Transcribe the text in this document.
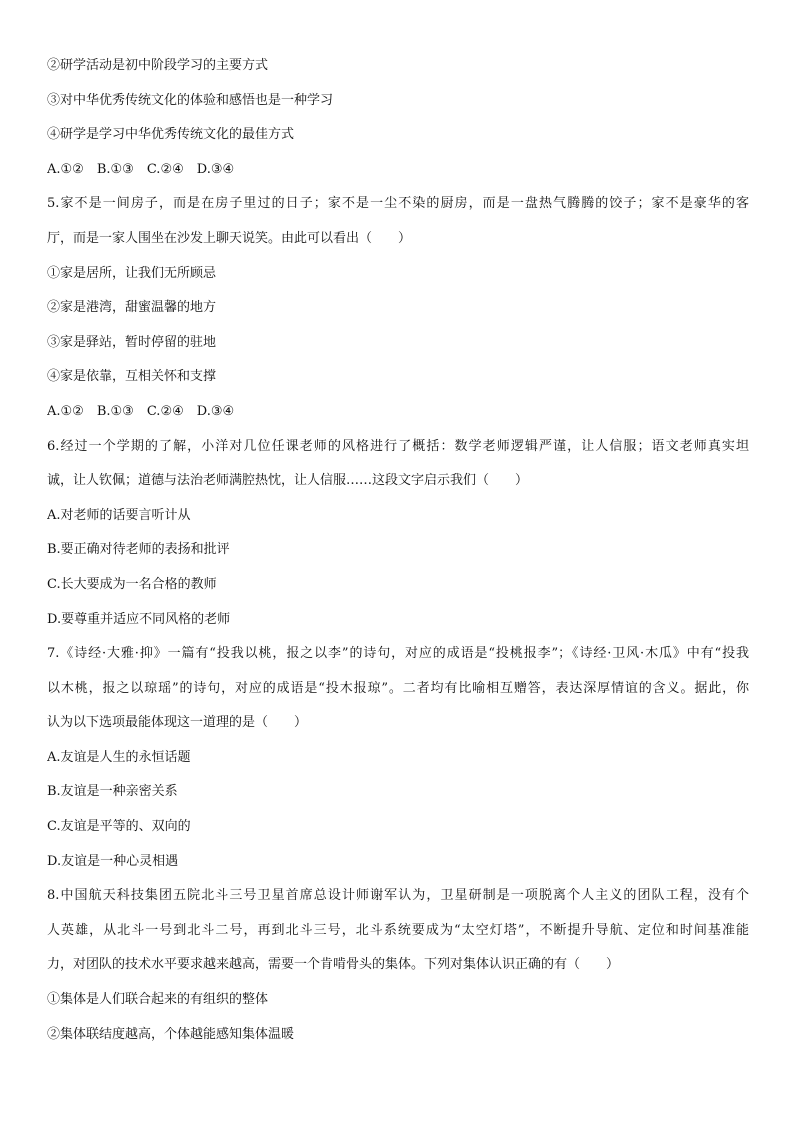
②研学活动是初中阶段学习的主要方式
③对中华优秀传统文化的体验和感悟也是一种学习
④研学是学习中华优秀传统文化的最佳方式
A.①②　B.①③　C.②④　D.③④
5.家不是一间房子，而是在房子里过的日子；家不是一尘不染的厨房，而是一盘热气腾腾的饺子；家不是豪华的客
厅，而是一家人围坐在沙发上聊天说笑。由此可以看出（　　）
①家是居所，让我们无所顾忌
②家是港湾，甜蜜温馨的地方
③家是驿站，暂时停留的驻地
④家是依靠，互相关怀和支撑
A.①②　B.①③　C.②④　D.③④
6.经过一个学期的了解，小洋对几位任课老师的风格进行了概括：数学老师逻辑严谨，让人信服；语文老师真实坦
诚，让人钦佩；道德与法治老师满腔热忱，让人信服……这段文字启示我们（　　）
A.对老师的话要言听计从
B.要正确对待老师的表扬和批评
C.长大要成为一名合格的教师
D.要尊重并适应不同风格的老师
7.《诗经·大雅·抑》一篇有“投我以桃，报之以李”的诗句，对应的成语是“投桃报李”；《诗经·卫风·木瓜》中有“投我
以木桃，报之以琼瑶”的诗句，对应的成语是“投木报琼”。二者均有比喻相互赠答，表达深厚情谊的含义。据此，你
认为以下选项最能体现这一道理的是（　　）
A.友谊是人生的永恒话题
B.友谊是一种亲密关系
C.友谊是平等的、双向的
D.友谊是一种心灵相遇
8.中国航天科技集团五院北斗三号卫星首席总设计师谢军认为，卫星研制是一项脱离个人主义的团队工程，没有个
人英雄，从北斗一号到北斗二号，再到北斗三号，北斗系统要成为“太空灯塔”，不断提升导航、定位和时间基准能
力，对团队的技术水平要求越来越高，需要一个肯啃骨头的集体。下列对集体认识正确的有（　　）
①集体是人们联合起来的有组织的整体
②集体联结度越高，个体越能感知集体温暖
